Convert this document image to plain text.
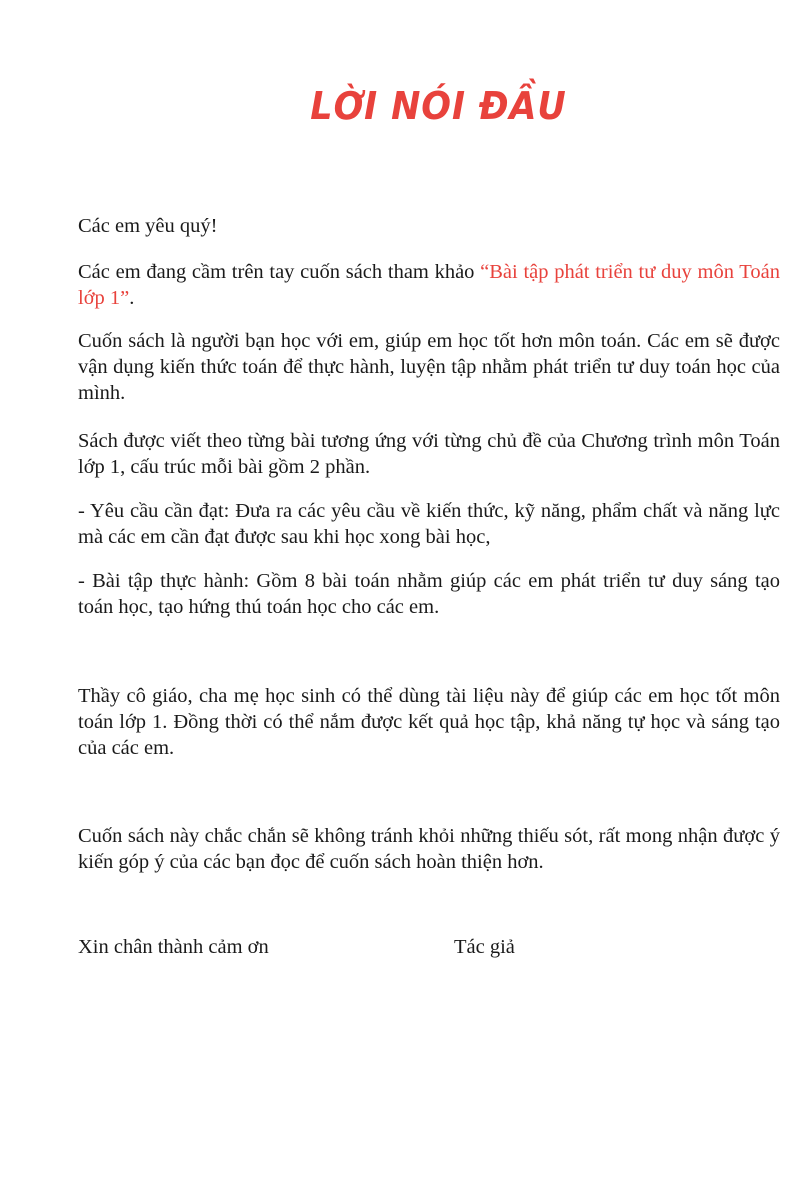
LỜI NÓI ĐẦU

Các em yêu quý!

Các em đang cầm trên tay cuốn sách tham khảo “Bài tập phát triển tư duy môn Toán lớp 1”.

Cuốn sách là người bạn học với em, giúp em học tốt hơn môn toán. Các em sẽ được vận dụng kiến thức toán để thực hành, luyện tập nhằm phát triển tư duy toán học của mình.

Sách được viết theo từng bài tương ứng với từng chủ đề của Chương trình môn Toán lớp 1, cấu trúc mỗi bài gồm 2 phần.

- Yêu cầu cần đạt: Đưa ra các yêu cầu về kiến thức, kỹ năng, phẩm chất và năng lực mà các em cần đạt được sau khi học xong bài học,

- Bài tập thực hành: Gồm 8 bài toán nhằm giúp các em phát triển tư duy sáng tạo toán học, tạo hứng thú toán học cho các em.

Thầy cô giáo, cha mẹ học sinh có thể dùng tài liệu này để giúp các em học tốt môn toán lớp 1. Đồng thời có thể nắm được kết quả học tập, khả năng tự học và sáng tạo của các em.

Cuốn sách này chắc chắn sẽ không tránh khỏi những thiếu sót, rất mong nhận được ý kiến góp ý của các bạn đọc để cuốn sách hoàn thiện hơn.

Xin chân thành cảm ơn	Tác giả
